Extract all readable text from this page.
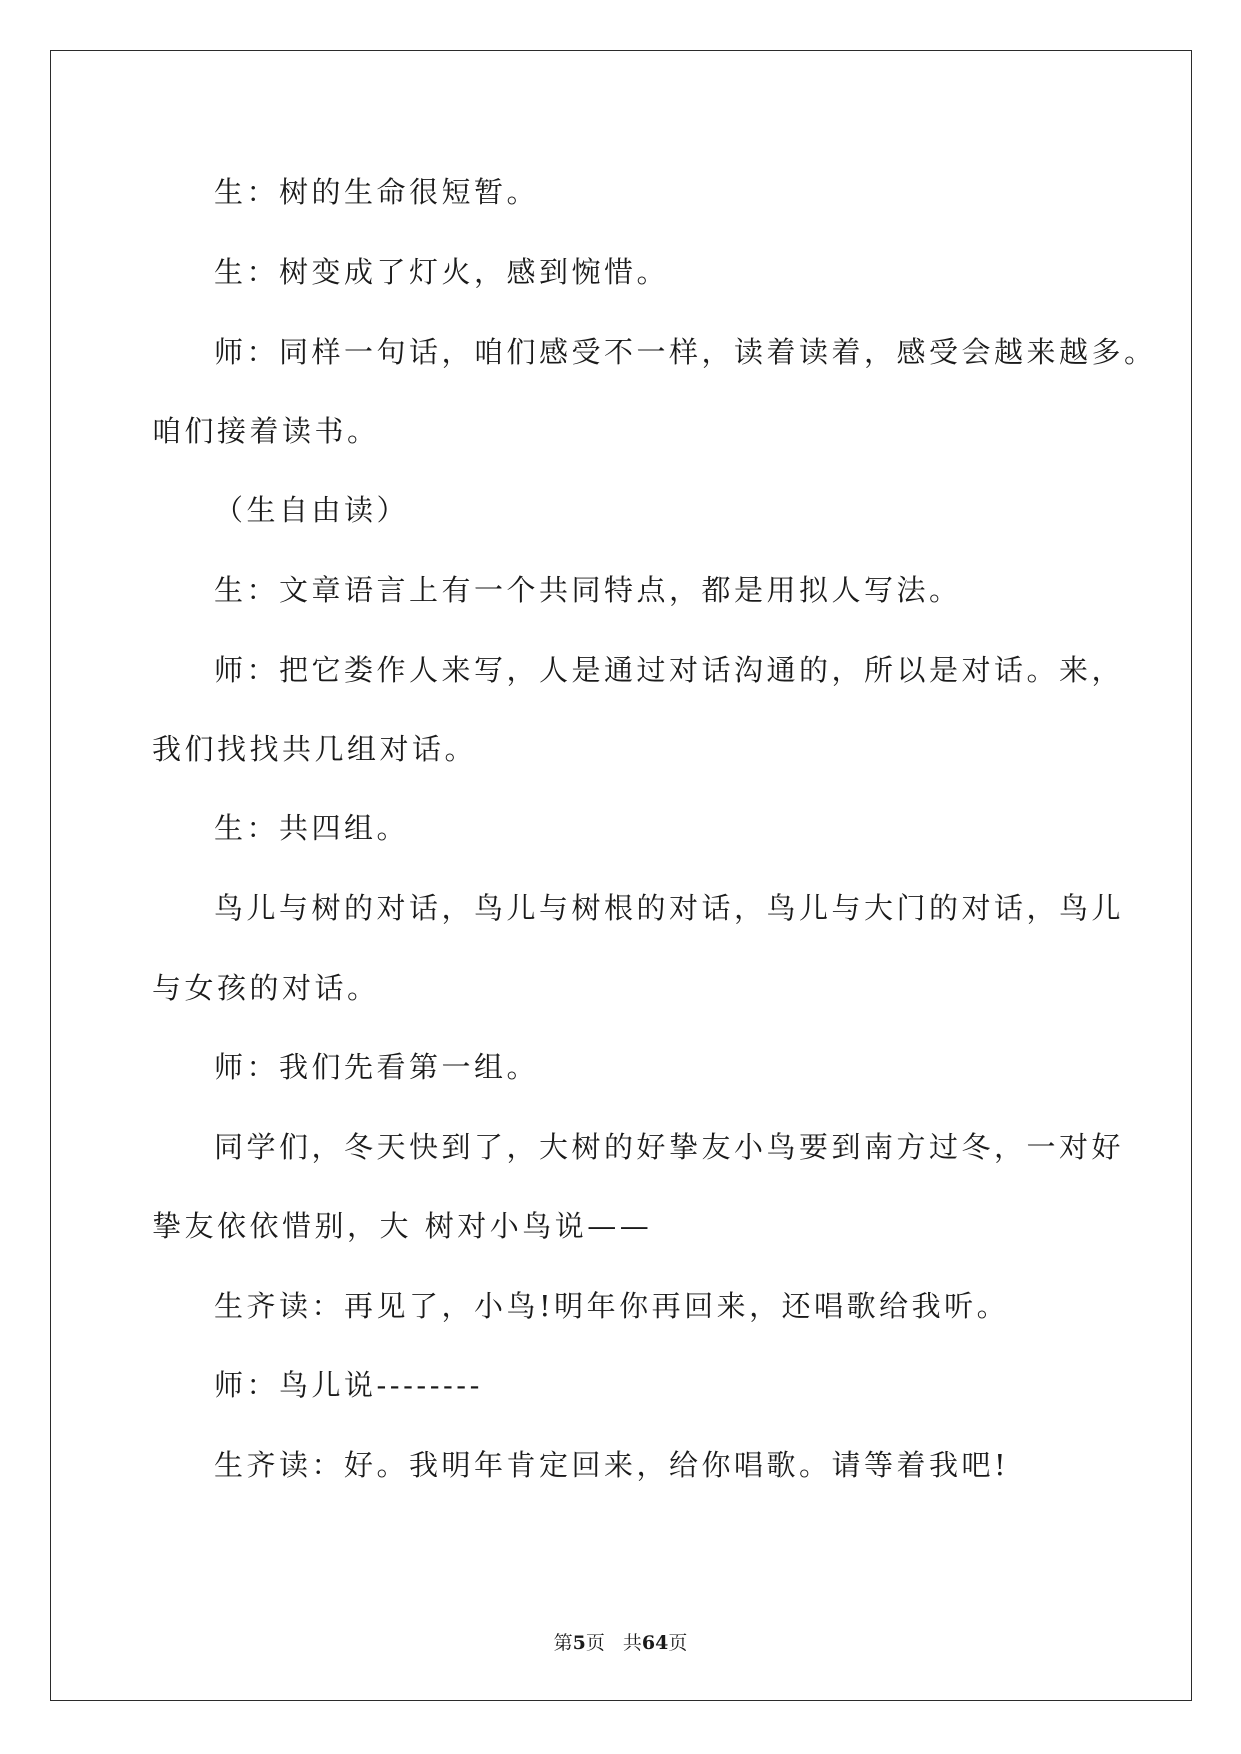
生：树的生命很短暂。
生：树变成了灯火，感到惋惜。
师：同样一句话，咱们感受不一样，读着读着，感受会越来越多。
咱们接着读书。
（生自由读）
生：文章语言上有一个共同特点，都是用拟人写法。
师：把它娄作人来写，人是通过对话沟通的，所以是对话。来，
我们找找共几组对话。
生：共四组。
鸟儿与树的对话，鸟儿与树根的对话，鸟儿与大门的对话，鸟儿
与女孩的对话。
师：我们先看第一组。
同学们，冬天快到了，大树的好挚友小鸟要到南方过冬，一对好
挚友依依惜别，大 树对小鸟说——
生齐读：再见了，小鸟!明年你再回来，还唱歌给我听。
师：鸟儿说--------
生齐读：好。我明年肯定回来，给你唱歌。请等着我吧!
第5页 共64页
